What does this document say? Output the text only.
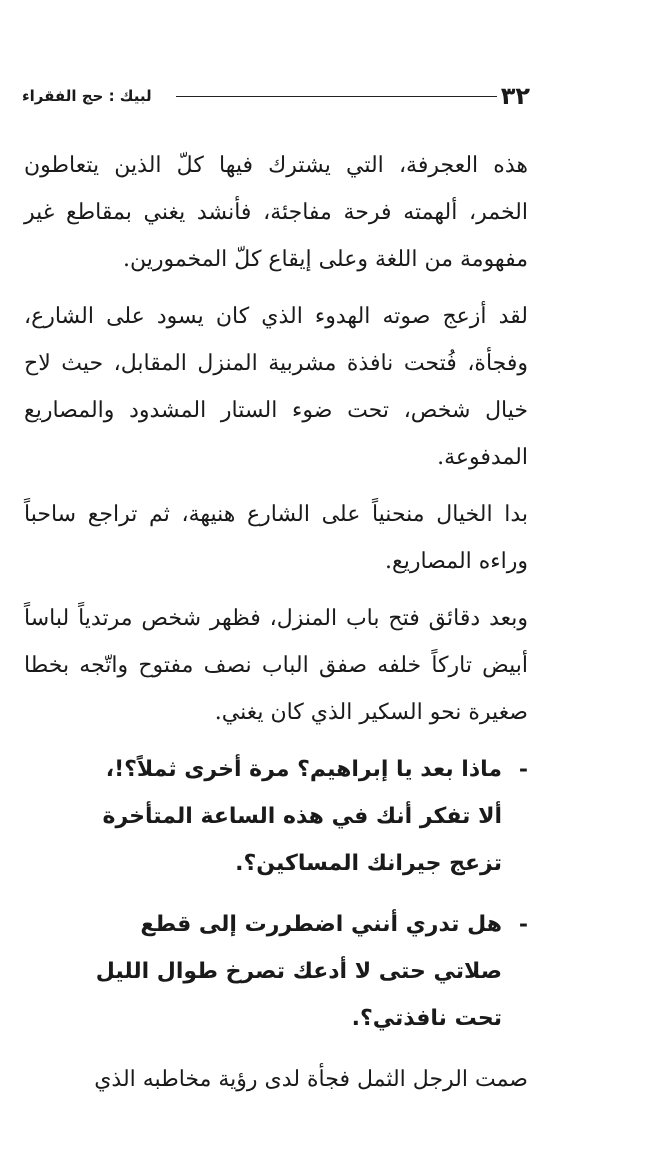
٣٢
لبيك : حج الفقراء

هذه العجرفة، التي يشترك فيها كلّ الذين يتعاطون الخمر، ألهمته فرحة مفاجئة، فأنشد يغني بمقاطع غير مفهومة من اللغة وعلى إيقاع كلّ المخمورين.

لقد أزعج صوته الهدوء الذي كان يسود على الشارع، وفجأة، فُتحت نافذة مشربية المنزل المقابل، حيث لاح خيال شخص، تحت ضوء الستار المشدود والمصاريع المدفوعة.

بدا الخيال منحنياً على الشارع هنيهة، ثم تراجع ساحباً وراءه المصاريع.

وبعد دقائق فتح باب المنزل، فظهر شخص مرتدياً لباساً أبيض تاركاً خلفه صفق الباب نصف مفتوح واتّجه بخطا صغيرة نحو السكير الذي كان يغني.

-
ماذا بعد يا إبراهيم؟ مرة أخرى ثملاً؟!، ألا تفكر أنك في هذه الساعة المتأخرة تزعج جيرانك المساكين؟.
-
هل تدري أنني اضطررت إلى قطع صلاتي حتى لا أدعك تصرخ طوال الليل تحت نافذتي؟.

صمت الرجل الثمل فجأة لدى رؤية مخاطبه الذي
